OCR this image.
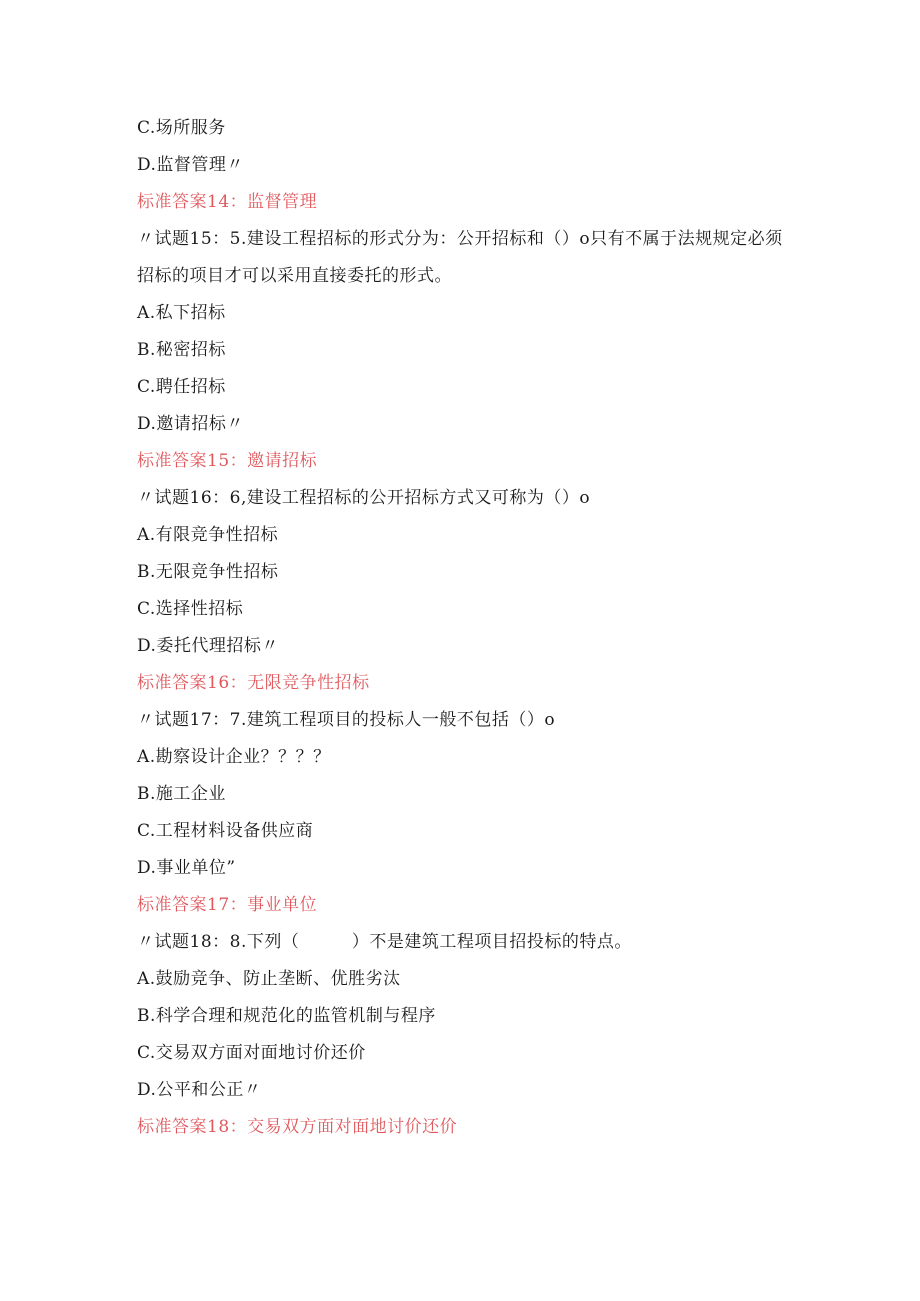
C.场所服务
D.监督管理〃
标准答案14：监督管理
〃试题15：5.建设工程招标的形式分为：公开招标和（）o只有不属于法规规定必须招标的项目才可以采用直接委托的形式。
A.私下招标
B.秘密招标
C.聘任招标
D.邀请招标〃
标准答案15：邀请招标
〃试题16：6,建设工程招标的公开招标方式又可称为（）o
A.有限竞争性招标
B.无限竞争性招标
C.选择性招标
D.委托代理招标〃
标准答案16：无限竞争性招标
〃试题17：7.建筑工程项目的投标人一般不包括（）o
A.勘察设计企业？？？？
B.施工企业
C.工程材料设备供应商
D.事业单位”
标准答案17：事业单位
〃试题18：8.下列（　　　）不是建筑工程项目招投标的特点。
A.鼓励竞争、防止垄断、优胜劣汰
B.科学合理和规范化的监管机制与程序
C.交易双方面对面地讨价还价
D.公平和公正〃
标准答案18：交易双方面对面地讨价还价
